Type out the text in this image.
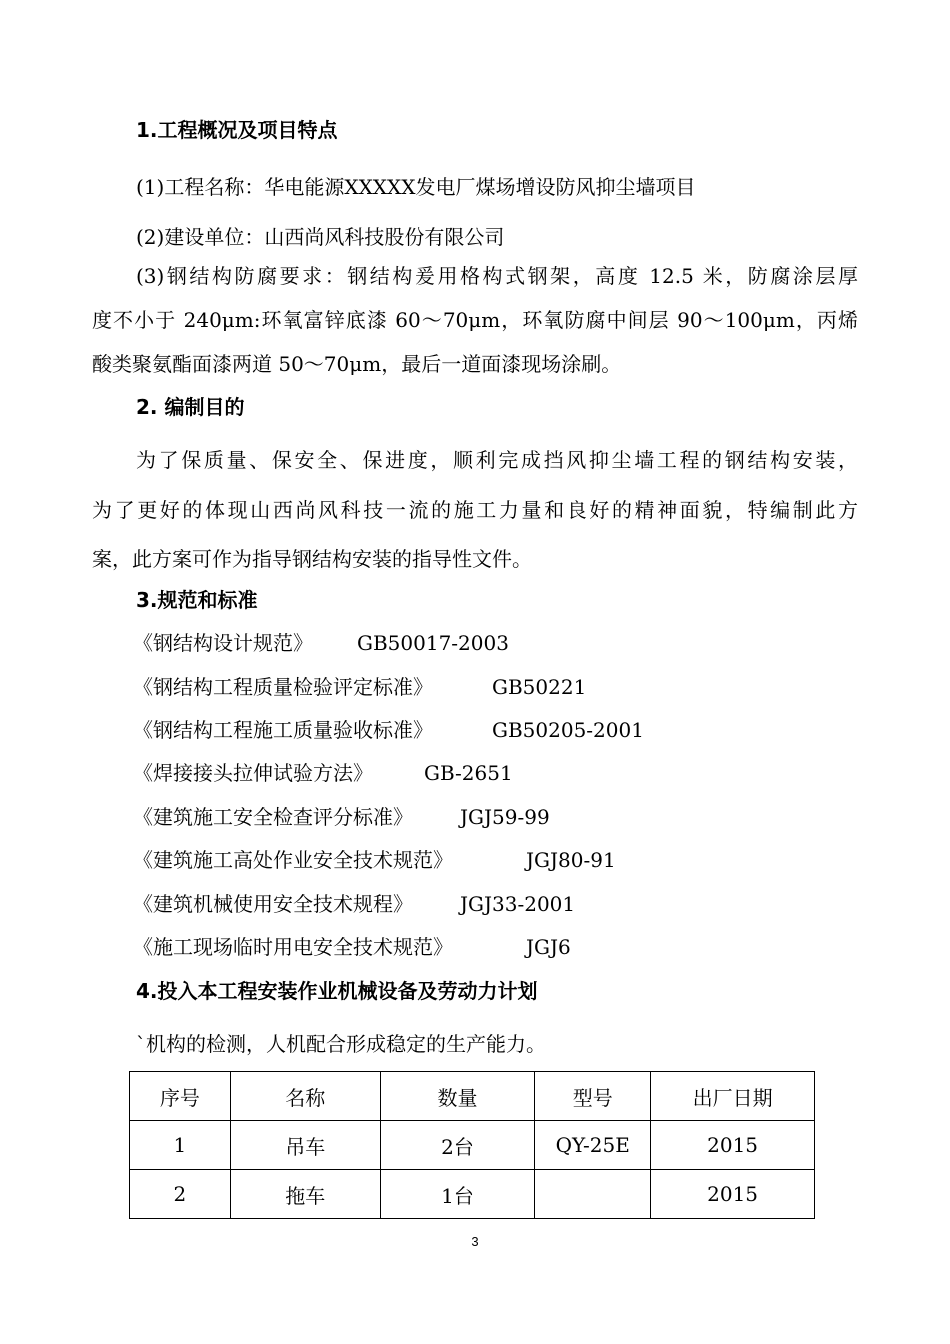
1.工程概况及项目特点
(1)工程名称：华电能源XXXXX发电厂煤场增设防风抑尘墙项目
(2)建设单位：山西尚风科技股份有限公司
(3)钢结构防腐要求：钢结构爰用格构式钢架，高度 12.5 米，防腐涂层厚
度不小于 240μm:环氧富锌底漆 60～70μm，环氧防腐中间层 90～100μm，丙烯
酸类聚氨酯面漆两道 50～70μm，最后一道面漆现场涂刷。
2. 编制目的
为了保质量、保安全、保进度，顺利完成挡风抑尘墙工程的钢结构安装，
为了更好的体现山西尚风科技一流的施工力量和良好的精神面貌，特编制此方
案，此方案可作为指导钢结构安装的指导性文件。
3.规范和标准
《钢结构设计规范》 GB50017-2003
《钢结构工程质量检验评定标准》	GB50221
《钢结构工程施工质量验收标准》	GB50205-2001
《焊接接头拉伸试验方法》	GB-2651
《建筑施工安全检查评分标准》 JGJ59-99
《建筑施工高处作业安全技术规范》	JGJ80-91
《建筑机械使用安全技术规程》 JGJ33-2001
《施工现场临时用电安全技术规范》	JGJ6
4.投入本工程安装作业机械设备及劳动力计划
`机构的检测，人机配合形成稳定的生产能力。
序号	名称	数量	型号	出厂日期
1	吊车	2台	QY-25E	2015
2	拖车	1台		2015
3
